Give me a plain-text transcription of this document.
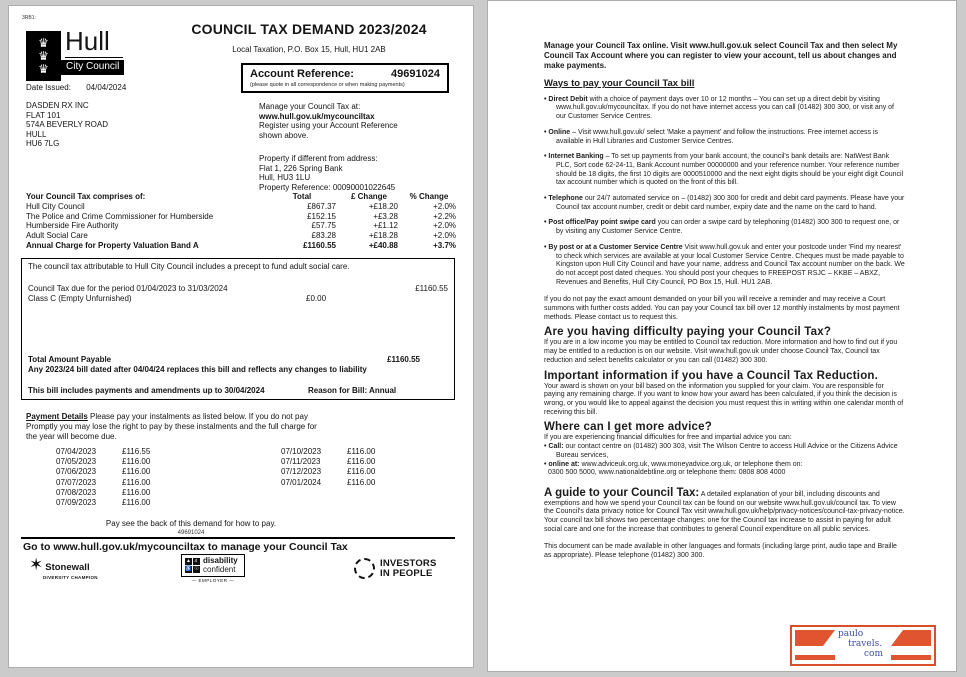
3RB1:
♛
♛
♛
Hull
City Council
COUNCIL TAX DEMAND 2023/2024
Local Taxation, P.O. Box 15, Hull, HU1 2AB
Account Reference:	49691024
(please quote in all correspondence or when making payments)
Date Issued: 04/04/2024
DASDEN RX INC
FLAT 101
574A BEVERLY ROAD
HULL
HU6 7LG
Manage your Council Tax at:
www.hull.gov.uk/mycounciltax
Register using your Account Reference
shown above.
Property if different from address:
Flat 1, 226 Spring Bank
Hull, HU3 1LU
Property Reference: 00090001022645
Your Council Tax comprises of:	Total	£ Change	% Change
Hull City Council	£867.37	+£18.20	+2.0%
The Police and Crime Commissioner for Humberside	£152.15	+£3.28	+2.2%
Humberside Fire Authority	£57.75	+£1.12	+2.0%
Adult Social Care	£83.28	+£18.28	+2.0%
Annual Charge for Property Valuation Band A	£1160.55	+£40.88	+3.7%
The council tax attributable to Hull City Council includes a precept to fund adult social care.
Council Tax due for the period 01/04/2023 to 31/03/2024	£1160.55
Class C (Empty Unfurnished)	£0.00
Total Amount Payable	£1160.55
Any 2023/24 bill dated after 04/04/24 replaces this bill and reflects any changes to liability
This bill includes payments and amendments up to 30/04/2024	Reason for Bill: Annual
Payment Details Please pay your instalments as listed below. If you do not pay
Promptly you may lose the right to pay by these instalments and the full charge for
the year will become due.
07/04/2023	£116.55
07/05/2023	£116.00
07/06/2023	£116.00
07/07/2023	£116.00
07/08/2023	£116.00
07/09/2023	£116.00
07/10/2023	£116.00
07/11/2023	£116.00
07/12/2023	£116.00
07/01/2024	£116.00
Pay see the back of this demand for how to pay.
49691024
Go to www.hull.gov.uk/mycounciltax to manage your Council Tax
✶ Stonewall
DIVERSITY CHAMPION
▲ ♬
♿ ☉
disability
confident
— EMPLOYER —
INVESTORS
IN PEOPLE
Manage your Council Tax online. Visit www.hull.gov.uk select Council Tax and then select My Council Tax Account where you can register to view your account, tell us about changes and make payments.
Ways to pay your Council Tax bill
• Direct Debit with a choice of payment days over 10 or 12 months – You can set up a direct debit by visiting www.hull.gov.uk/mycounciltax. If you do not have internet access you can call (01482) 300 300, or visit any of our Customer Service Centres.
• Online – Visit www.hull.gov.uk/ select 'Make a payment' and follow the instructions. Free internet access is available in Hull Libraries and Customer Service Centres.
• Internet Banking – To set up payments from your bank account, the council's bank details are: NatWest Bank PLC, Sort code 62-24-11, Bank Account number 00000000 and your reference number. Your reference number should be 18 digits, the first 10 digits are 0000510000 and the next eight digits should be your eight digit Council tax account number which is quoted on the front of this bill.
• Telephone our 24/7 automated service on – (01482) 300 300 for credit and debit card payments. Please have your Council tax account number, credit or debit card number, expiry date and the name on the card to hand.
• Post office/Pay point swipe card you can order a swipe card by telephoning (01482) 300 300 to request one, or by visiting any Customer Service Centre.
• By post or at a Customer Service Centre Visit www.hull.gov.uk and enter your postcode under 'Find my nearest' to check which services are available at your local Customer Service Centre. Cheques must be made payable to Kingston upon Hull City Council and have your name, address and Council Tax account number on the back. We do not accept post dated cheques. You should post your cheques to FREEPOST RSJC – KKBE – ABXZ, Revenues and Benefits, Hull City Council, PO Box 15, Hull. HU1 2AB.
If you do not pay the exact amount demanded on your bill you will receive a reminder and may receive a Court summons with further costs added. You can pay your Council tax bill over 12 monthly instalments by most payment methods. Please contact us to request this.
Are you having difficulty paying your Council Tax?
If you are in a low income you may be entitled to Council tax reduction. More information and how to find out if you may be entitled to a reduction is on our website. Visit www.hull.gov.uk under choose Council Tax, Council tax reduction and select benefits calculator or you can call (01482) 300 300.
Important information if you have a Council Tax Reduction.
Your award is shown on your bill based on the information you supplied for your claim. You are responsible for paying any remaining charge. If you want to know how your award has been calculated, if you think the decision is wrong, or you would like to appeal against the decision you must request this in writing within one calendar month of receiving this bill.
Where can I get more advice?
If you are experiencing financial difficulties for free and impartial advice you can:
• Call: our contact centre on (01482) 300 303, visit The Wilson Centre to access Hull Advice or the Citizens Advice Bureau services,
• online at: www.adviceuk.org.uk, www.moneyadvice.org.uk, or telephone them on:
0300 500 5000, www.nationaldebtline.org or telephone them: 0808 808 4000
A guide to your Council Tax: A detailed explanation of your bill, including discounts and exemptions and how we spend your Council tax can be found on our website www.hull.gov.uk/council tax. To view the Council's data privacy notice for Council Tax visit www.hull.gov.uk/help/privacy-notices/council-tax-privacy-notice.
Your council tax bill shows two percentage changes: one for the Council tax increase to assist in paying for adult social care and one for the increase that contributes to general Council expenditure on all public services.
This document can be made available in other languages and formats (including large print, audio tape and Braille as appropriate). Please telephone (01482) 300 300.
paulo
travels.
com
